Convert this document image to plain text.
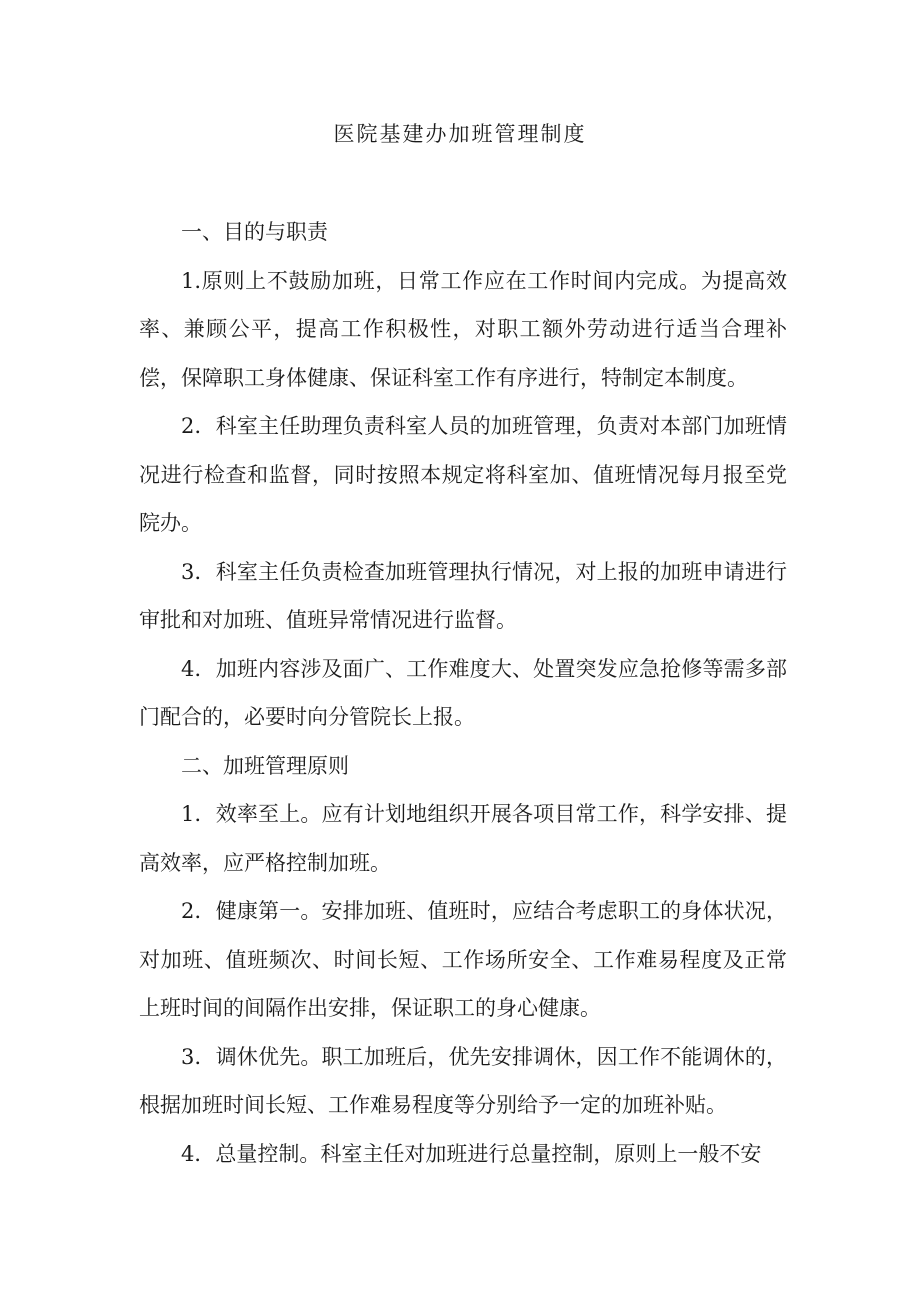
医院基建办加班管理制度

一、目的与职责

1.原则上不鼓励加班，日常工作应在工作时间内完成。为提高效率、兼顾公平，提高工作积极性，对职工额外劳动进行适当合理补偿，保障职工身体健康、保证科室工作有序进行，特制定本制度。

2．科室主任助理负责科室人员的加班管理，负责对本部门加班情况进行检查和监督，同时按照本规定将科室加、值班情况每月报至党院办。

3．科室主任负责检查加班管理执行情况，对上报的加班申请进行审批和对加班、值班异常情况进行监督。

4．加班内容涉及面广、工作难度大、处置突发应急抢修等需多部门配合的，必要时向分管院长上报。

二、加班管理原则

1．效率至上。应有计划地组织开展各项目常工作，科学安排、提高效率，应严格控制加班。

2．健康第一。安排加班、值班时，应结合考虑职工的身体状况，对加班、值班频次、时间长短、工作场所安全、工作难易程度及正常上班时间的间隔作出安排，保证职工的身心健康。

3．调休优先。职工加班后，优先安排调休，因工作不能调休的，根据加班时间长短、工作难易程度等分别给予一定的加班补贴。

4．总量控制。科室主任对加班进行总量控制，原则上一般不安
